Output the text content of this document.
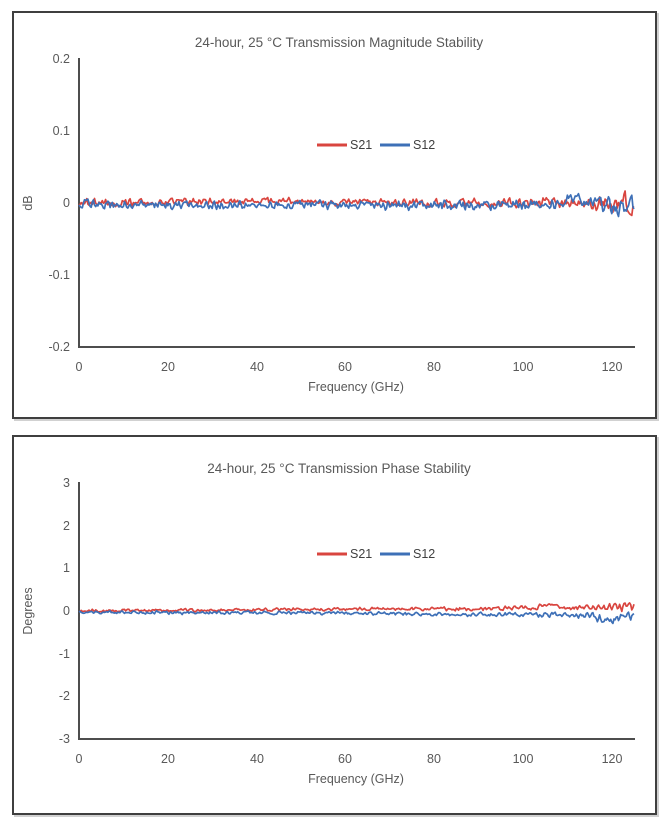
24-hour, 25 °C Transmission Magnitude Stability
0.2
0.1
0
-0.1
-0.2
S21	S12
0	20	40	60	80	100	120
Frequency (GHz)
dB
24-hour, 25 °C Transmission Phase Stability
3
2
1
0
-1
-2
-3
S21	S12
0	20	40	60	80	100	120
Frequency (GHz)
Degrees
